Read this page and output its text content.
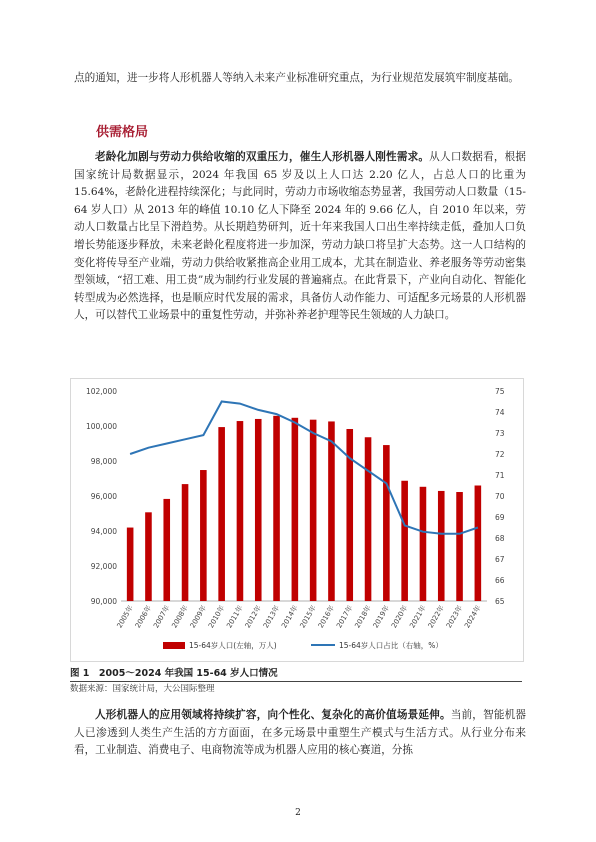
点的通知，进一步将人形机器人等纳入未来产业标准研究重点，为行业规范发展筑牢制度基础。
供需格局
老龄化加剧与劳动力供给收缩的双重压力，催生人形机器人刚性需求。从人口数据看，根据国家统计局数据显示，2024 年我国 65 岁及以上人口达 2.20 亿人，占总人口的比重为 15.64%，老龄化进程持续深化；与此同时，劳动力市场收缩态势显著，我国劳动人口数量（15-64 岁人口）从 2013 年的峰值 10.10 亿人下降至 2024 年的 9.66 亿人，自 2010 年以来，劳动人口数量占比呈下滑趋势。从长期趋势研判，近十年来我国人口出生率持续走低，叠加人口负增长势能逐步释放，未来老龄化程度将进一步加深，劳动力缺口将呈扩大态势。这一人口结构的变化将传导至产业端，劳动力供给收紧推高企业用工成本，尤其在制造业、养老服务等劳动密集型领域，“招工难、用工贵”成为制约行业发展的普遍痛点。在此背景下，产业向自动化、智能化转型成为必然选择，也是顺应时代发展的需求，具备仿人动作能力、可适配多元场景的人形机器人，可以替代工业场景中的重复性劳动，并弥补养老护理等民生领域的人力缺口。
90,000
92,000
94,000
96,000
98,000
100,000
102,000
65
66
67
68
69
70
71
72
73
74
75
2005年
2006年
2007年
2008年
2009年
2010年
2011年
2012年
2013年
2014年
2015年
2016年
2017年
2018年
2019年
2020年
2021年
2022年
2023年
2024年
15-64岁人口(左轴，万人)	15-64岁人口占比（右轴，%）
图 1　2005～2024 年我国 15-64 岁人口情况
数据来源：国家统计局，大公国际整理
人形机器人的应用领域将持续扩容，向个性化、复杂化的高价值场景延伸。当前，智能机器人已渗透到人类生产生活的方方面面，在多元场景中重塑生产模式与生活方式。从行业分布来看，工业制造、消费电子、电商物流等成为机器人应用的核心赛道，分拣
2
